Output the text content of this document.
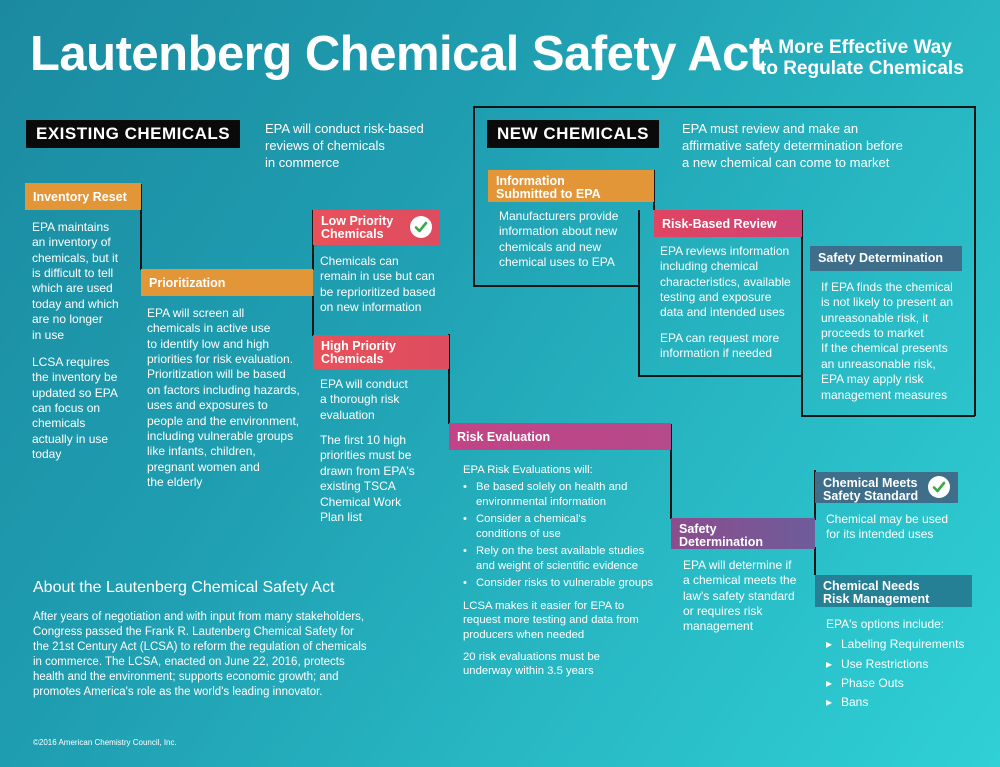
Lautenberg Chemical Safety Act
A More Effective Way
to Regulate Chemicals
EXISTING CHEMICALS	EPA will conduct risk-based
reviews of chemicals
in commerce
Inventory Reset
EPA maintains
an inventory of
chemicals, but it
is difficult to tell
which are used
today and which
are no longer
in use
LCSA requires
the inventory be
updated so EPA
can focus on
chemicals
actually in use
today
Prioritization
EPA will screen all
chemicals in active use
to identify low and high
priorities for risk evaluation.
Prioritization will be based
on factors including hazards,
uses and exposures to
people and the environment,
including vulnerable groups
like infants, children,
pregnant women and
the elderly
Low Priority
Chemicals
Chemicals can
remain in use but can
be reprioritized based
on new information
High Priority
Chemicals
EPA will conduct
a thorough risk
evaluation
The first 10 high
priorities must be
drawn from EPA's
existing TSCA
Chemical Work
Plan list
Risk Evaluation
EPA Risk Evaluations will:
• Be based solely on health and
environmental information
• Consider a chemical's
conditions of use
• Rely on the best available studies
and weight of scientific evidence
• Consider risks to vulnerable groups
LCSA makes it easier for EPA to
request more testing and data from
producers when needed
20 risk evaluations must be
underway within 3.5 years
Safety
Determination
EPA will determine if
a chemical meets the
law's safety standard
or requires risk
management
Chemical Meets
Safety Standard
Chemical may be used
for its intended uses
Chemical Needs
Risk Management
EPA's options include:
▸ Labeling Requirements
▸ Use Restrictions
▸ Phase Outs
▸ Bans
NEW CHEMICALS	EPA must review and make an
affirmative safety determination before
a new chemical can come to market
Information
Submitted to EPA
Manufacturers provide
information about new
chemicals and new
chemical uses to EPA
Risk-Based Review
EPA reviews information
including chemical
characteristics, available
testing and exposure
data and intended uses
EPA can request more
information if needed
Safety Determination
If EPA finds the chemical
is not likely to present an
unreasonable risk, it
proceeds to market
If the chemical presents
an unreasonable risk,
EPA may apply risk
management measures
About the Lautenberg Chemical Safety Act
After years of negotiation and with input from many stakeholders,
Congress passed the Frank R. Lautenberg Chemical Safety for
the 21st Century Act (LCSA) to reform the regulation of chemicals
in commerce. The LCSA, enacted on June 22, 2016, protects
health and the environment; supports economic growth; and
promotes America's role as the world's leading innovator.
©2016 American Chemistry Council, Inc.
